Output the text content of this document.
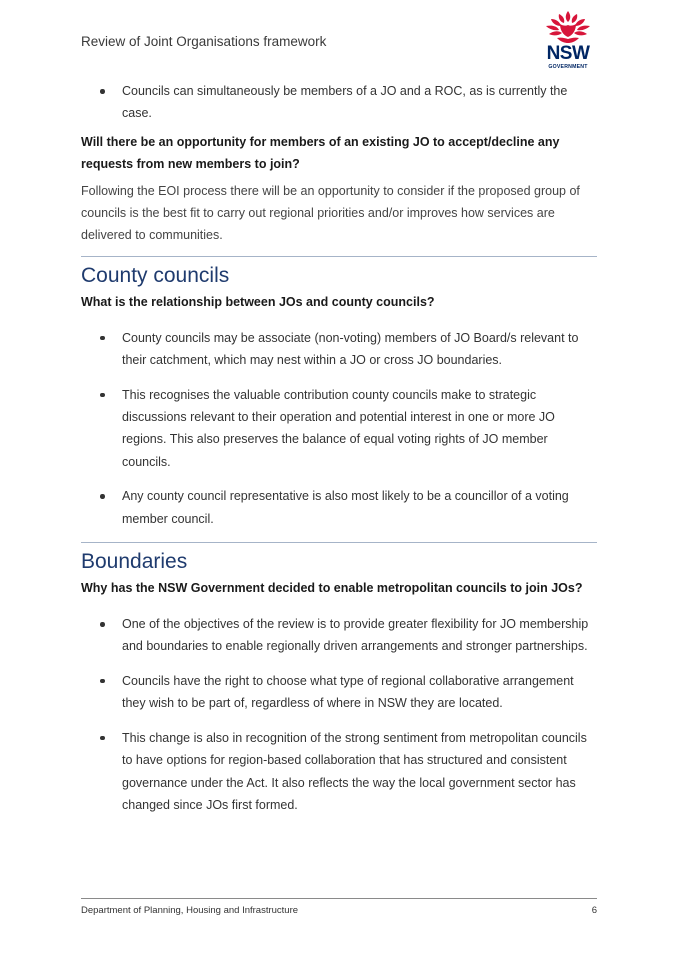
Review of Joint Organisations framework
NSW
GOVERNMENT
Councils can simultaneously be members of a JO and a ROC, as is currently the case.
Will there be an opportunity for members of an existing JO to accept/decline any requests from new members to join?
Following the EOI process there will be an opportunity to consider if the proposed group of councils is the best fit to carry out regional priorities and/or improves how services are delivered to communities.
County councils
What is the relationship between JOs and county councils?
County councils may be associate (non-voting) members of JO Board/s relevant to their catchment, which may nest within a JO or cross JO boundaries.
This recognises the valuable contribution county councils make to strategic discussions relevant to their operation and potential interest in one or more JO regions. This also preserves the balance of equal voting rights of JO member councils.
Any county council representative is also most likely to be a councillor of a voting member council.
Boundaries
Why has the NSW Government decided to enable metropolitan councils to join JOs?
One of the objectives of the review is to provide greater flexibility for JO membership and boundaries to enable regionally driven arrangements and stronger partnerships.
Councils have the right to choose what type of regional collaborative arrangement they wish to be part of, regardless of where in NSW they are located.
This change is also in recognition of the strong sentiment from metropolitan councils to have options for region-based collaboration that has structured and consistent governance under the Act. It also reflects the way the local government sector has changed since JOs first formed.
Department of Planning, Housing and Infrastructure	6
